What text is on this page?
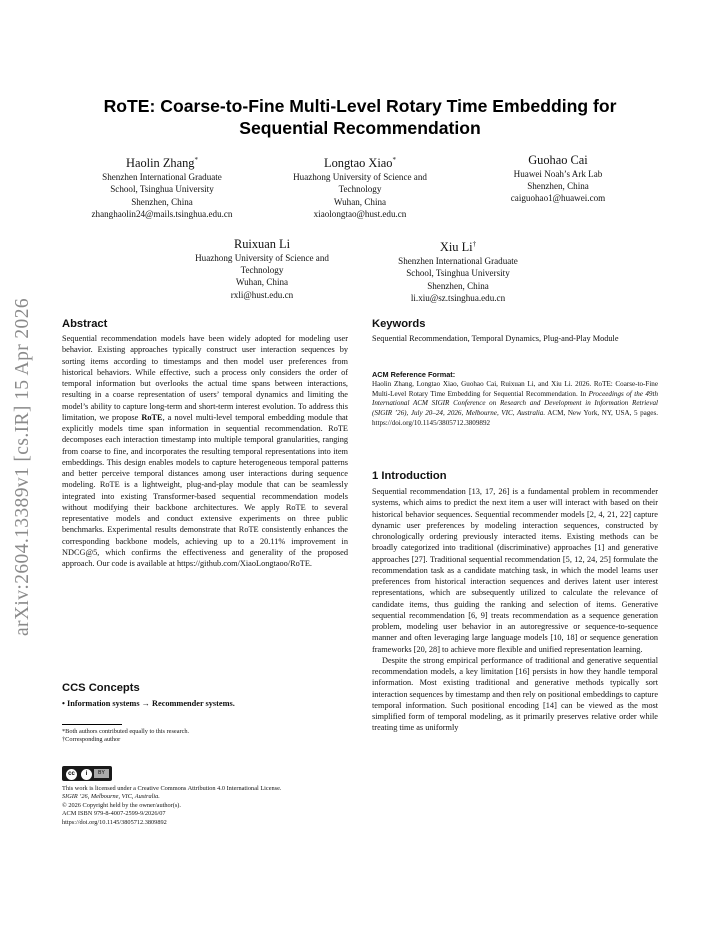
arXiv:2604.13389v1 [cs.IR] 15 Apr 2026
RoTE: Coarse-to-Fine Multi-Level Rotary Time Embedding for
Sequential Recommendation
Haolin Zhang*
Shenzhen International Graduate
School, Tsinghua University
Shenzhen, China
zhanghaolin24@mails.tsinghua.edu.cn
Longtao Xiao*
Huazhong University of Science and
Technology
Wuhan, China
xiaolongtao@hust.edu.cn
Guohao Cai
Huawei Noah’s Ark Lab
Shenzhen, China
caiguohao1@huawei.com
Ruixuan Li
Huazhong University of Science and
Technology
Wuhan, China
rxli@hust.edu.cn
Xiu Li†
Shenzhen International Graduate
School, Tsinghua University
Shenzhen, China
li.xiu@sz.tsinghua.edu.cn
Abstract
Sequential recommendation models have been widely adopted for modeling user behavior. Existing approaches typically construct user interaction sequences by sorting items according to timestamps and then model user preferences from historical behaviors. While effective, such a process only considers the order of temporal information but overlooks the actual time spans between interactions, resulting in a coarse representation of users’ temporal dynamics and limiting the model’s ability to capture long-term and short-term interest evolution. To address this limitation, we propose RoTE, a novel multi-level temporal embedding module that explicitly models time span information in sequential recommendation. RoTE decomposes each interaction timestamp into multiple temporal granularities, ranging from coarse to fine, and incorporates the resulting temporal representations into item embeddings. This design enables models to capture heterogeneous temporal patterns and better perceive temporal distances among user interactions during sequence modeling. RoTE is a lightweight, plug-and-play module that can be seamlessly integrated into existing Transformer-based sequential recommendation models without modifying their backbone architectures. We apply RoTE to several representative models and conduct extensive experiments on three public benchmarks. Experimental results demonstrate that RoTE consistently enhances the corresponding backbone models, achieving up to a 20.11% improvement in NDCG@5, which confirms the effectiveness and generality of the proposed approach. Our code is available at https://github.com/XiaoLongtaoo/RoTE.
CCS Concepts
• Information systems → Recommender systems.
*Both authors contributed equally to this research.
†Corresponding author
cc	i	BY
This work is licensed under a Creative Commons Attribution 4.0 International License.
SIGIR ’26, Melbourne, VIC, Australia.
© 2026 Copyright held by the owner/author(s).
ACM ISBN 979-8-4007-2599-9/2026/07
https://doi.org/10.1145/3805712.3809892
Keywords
Sequential Recommendation, Temporal Dynamics, Plug-and-Play Module
ACM Reference Format:
Haolin Zhang, Longtao Xiao, Guohao Cai, Ruixuan Li, and Xiu Li. 2026. RoTE: Coarse-to-Fine Multi-Level Rotary Time Embedding for Sequential Recommendation. In Proceedings of the 49th International ACM SIGIR Conference on Research and Development in Information Retrieval (SIGIR ’26), July 20–24, 2026, Melbourne, VIC, Australia. ACM, New York, NY, USA, 5 pages. https://doi.org/10.1145/3805712.3809892
1 Introduction
Sequential recommendation [13, 17, 26] is a fundamental problem in recommender systems, which aims to predict the next item a user will interact with based on their historical behavior sequences. Sequential recommender models [2, 4, 21, 22] capture dynamic user preferences by modeling interaction sequences, constructed by chronologically ordering previously interacted items. Existing methods can be broadly categorized into traditional (discriminative) approaches [1] and generative approaches [27]. Traditional sequential recommendation [5, 12, 24, 25] formulate the recommendation task as a candidate matching task, in which the model learns user preferences from historical interaction sequences and derives latent user interest representations, which are subsequently utilized to calculate the relevance of candidate items, thus guiding the ranking and selection of items. Generative sequential recommendation [6, 9] treats recommendation as a sequence generation problem, modeling user behavior in an autoregressive or sequence-to-sequence manner and often leveraging large language models [10, 18] or sequence generation frameworks [20, 28] to achieve more flexible and unified representation learning.
Despite the strong empirical performance of traditional and generative sequential recommendation models, a key limitation [16] persists in how they handle temporal information. Most existing traditional and generative methods typically sort interaction sequences by timestamp and then rely on positional embeddings to capture temporal information. Such positional encoding [14] can be viewed as the most simplified form of temporal modeling, as it primarily preserves relative order while treating time as uniformly
